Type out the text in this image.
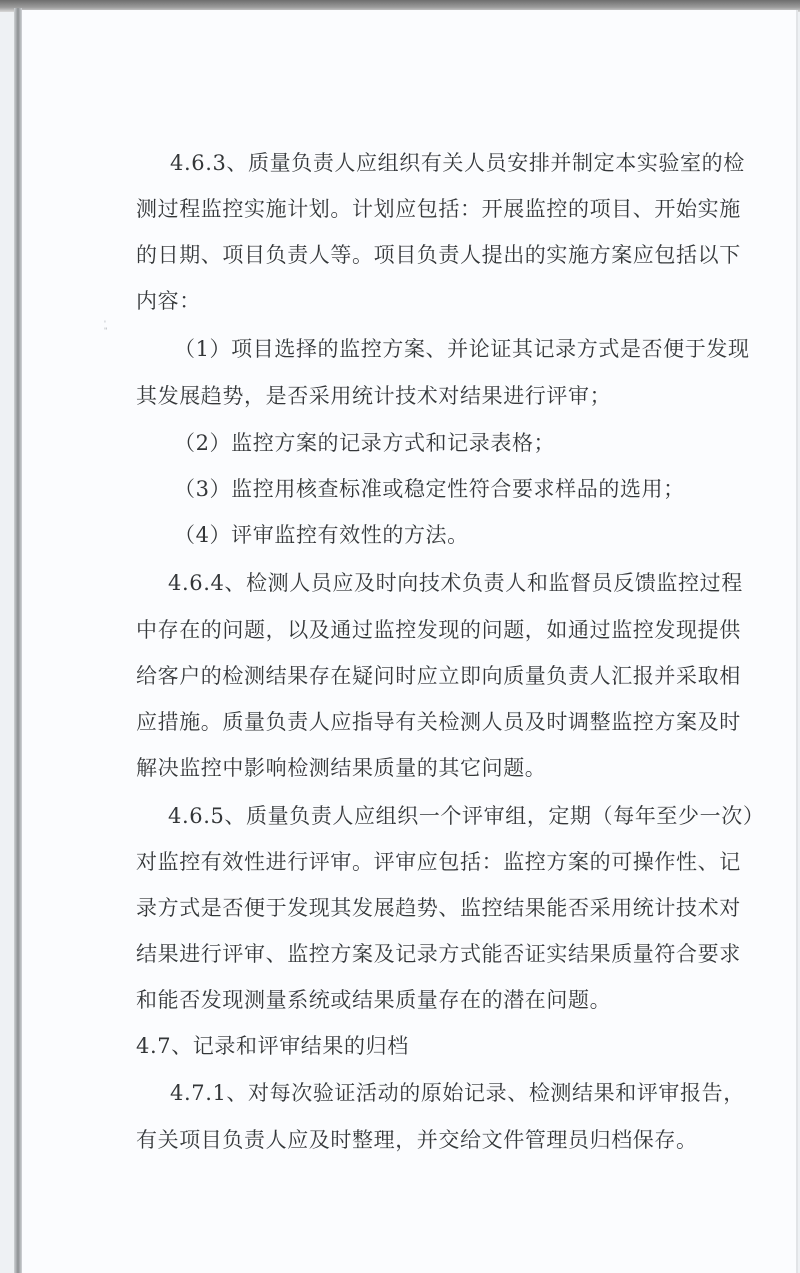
'
"
4.6.3、质量负责人应组织有关人员安排并制定本实验室的检
测过程监控实施计划。计划应包括：开展监控的项目、开始实施
的日期、项目负责人等。项目负责人提出的实施方案应包括以下
内容：
（1）项目选择的监控方案、并论证其记录方式是否便于发现
其发展趋势，是否采用统计技术对结果进行评审；
（2）监控方案的记录方式和记录表格；
（3）监控用核查标准或稳定性符合要求样品的选用；
（4）评审监控有效性的方法。
4.6.4、检测人员应及时向技术负责人和监督员反馈监控过程
中存在的问题，以及通过监控发现的问题，如通过监控发现提供
给客户的检测结果存在疑问时应立即向质量负责人汇报并采取相
应措施。质量负责人应指导有关检测人员及时调整监控方案及时
解决监控中影响检测结果质量的其它问题。
4.6.5、质量负责人应组织一个评审组，定期（每年至少一次）
对监控有效性进行评审。评审应包括：监控方案的可操作性、记
录方式是否便于发现其发展趋势、监控结果能否采用统计技术对
结果进行评审、监控方案及记录方式能否证实结果质量符合要求
和能否发现测量系统或结果质量存在的潜在问题。
4.7、记录和评审结果的归档
4.7.1、对每次验证活动的原始记录、检测结果和评审报告，
有关项目负责人应及时整理，并交给文件管理员归档保存。
